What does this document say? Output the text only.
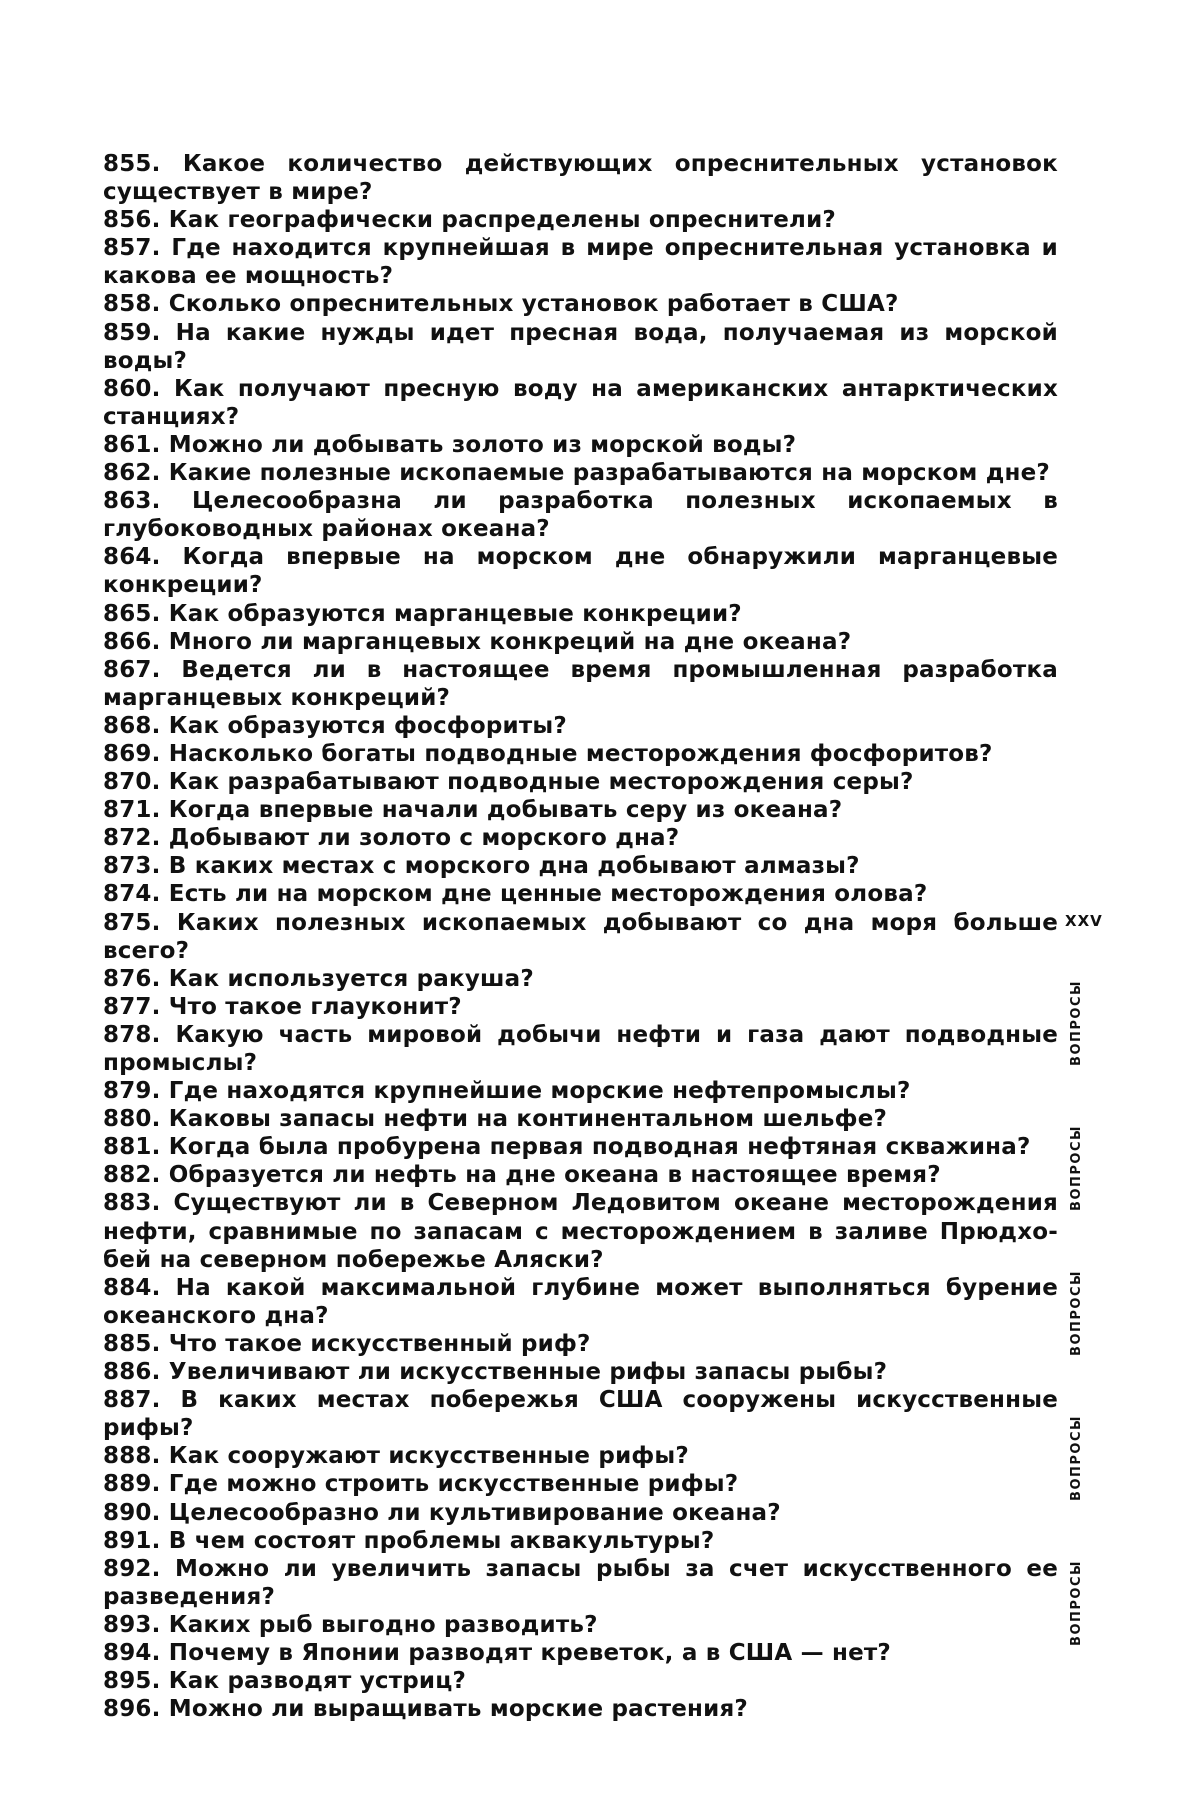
855. Какое количество действующих опреснительных установок существует в мире?
856. Как географически распределены опреснители?
857. Где находится крупнейшая в мире опреснительная установка и какова ее мощность?
858. Сколько опреснительных установок работает в США?
859. На какие нужды идет пресная вода, получаемая из морской воды?
860. Как получают пресную воду на американских антарктических станциях?
861. Можно ли добывать золото из морской воды?
862. Какие полезные ископаемые разрабатываются на морском дне?
863. Целесообразна ли разработка полезных ископаемых в глубоководных районах океана?
864. Когда впервые на морском дне обнаружили марганцевые конкреции?
865. Как образуются марганцевые конкреции?
866. Много ли марганцевых конкреций на дне океана?
867. Ведется ли в настоящее время промышленная разработка марганцевых конкреций?
868. Как образуются фосфориты?
869. Насколько богаты подводные месторождения фосфоритов?
870. Как разрабатывают подводные месторождения серы?
871. Когда впервые начали добывать серу из океана?
872. Добывают ли золото с морского дна?
873. В каких местах с морского дна добывают алмазы?
874. Есть ли на морском дне ценные месторождения олова?
875. Каких полезных ископаемых добывают со дна моря больше всего?
876. Как используется ракуша?
877. Что такое глауконит?
878. Какую часть мировой добычи нефти и газа дают подводные промыслы?
879. Где находятся крупнейшие морские нефтепромыслы?
880. Каковы запасы нефти на континентальном шельфе?
881. Когда была пробурена первая подводная нефтяная скважина?
882. Образуется ли нефть на дне океана в настоящее время?
883. Существуют ли в Северном Ледовитом океане месторождения нефти, сравнимые по запасам с месторождением в заливе Прюдхо-бей на северном побережье Аляски?
884. На какой максимальной глубине может выполняться бурение океанского дна?
885. Что такое искусственный риф?
886. Увеличивают ли искусственные рифы запасы рыбы?
887. В каких местах побережья США сооружены искусственные рифы?
888. Как сооружают искусственные рифы?
889. Где можно строить искусственные рифы?
890. Целесообразно ли культивирование океана?
891. В чем состоят проблемы аквакультуры?
892. Можно ли увеличить запасы рыбы за счет искусственного ее разведения?
893. Каких рыб выгодно разводить?
894. Почему в Японии разводят креветок, а в США — нет?
895. Как разводят устриц?
896. Можно ли выращивать морские растения?
XXV
ВОПРОСЫ
ВОПРОСЫ
ВОПРОСЫ
ВОПРОСЫ
ВОПРОСЫ
